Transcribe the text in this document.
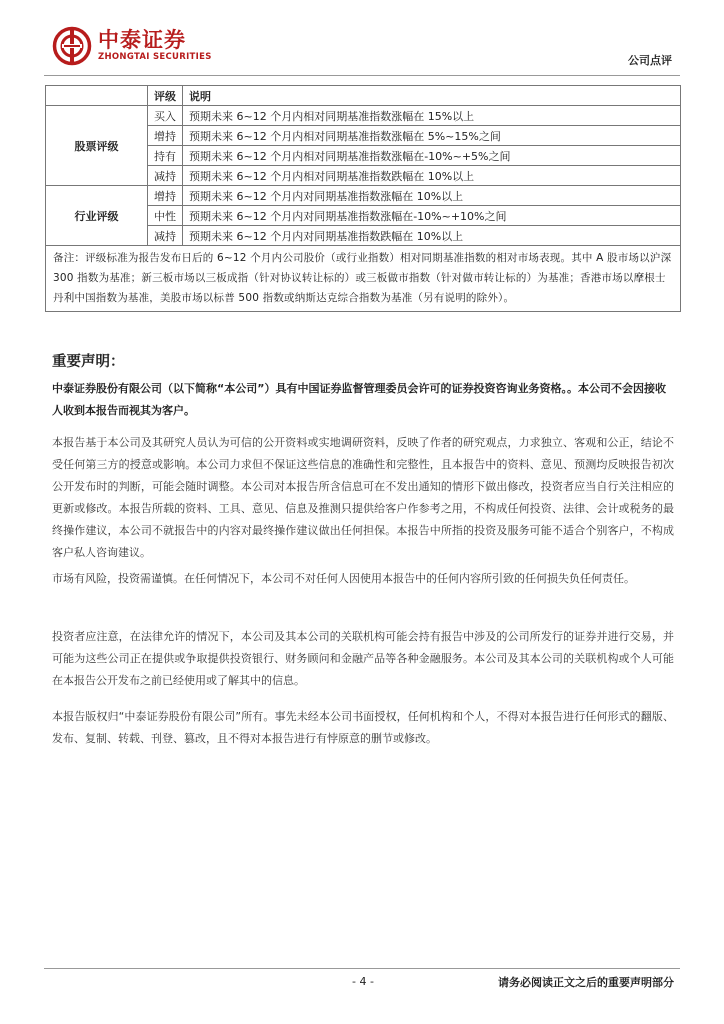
中泰证券
ZHONGTAI SECURITIES	公司点评
	评级	说明
股票评级	买入	预期未来 6~12 个月内相对同期基准指数涨幅在 15%以上
	增持	预期未来 6~12 个月内相对同期基准指数涨幅在 5%~15%之间
	持有	预期未来 6~12 个月内相对同期基准指数涨幅在-10%~+5%之间
	减持	预期未来 6~12 个月内相对同期基准指数跌幅在 10%以上
行业评级	增持	预期未来 6~12 个月内对同期基准指数涨幅在 10%以上
	中性	预期未来 6~12 个月内对同期基准指数涨幅在-10%~+10%之间
	减持	预期未来 6~12 个月内对同期基准指数跌幅在 10%以上
备注：评级标准为报告发布日后的 6~12 个月内公司股价（或行业指数）相对同期基准指数的相对市场表现。其中 A 股市场以沪深 300 指数为基准；新三板市场以三板成指（针对协议转让标的）或三板做市指数（针对做市转让标的）为基准；香港市场以摩根士丹利中国指数为基准，美股市场以标普 500 指数或纳斯达克综合指数为基准（另有说明的除外）。		
重要声明：
中泰证券股份有限公司（以下简称“本公司”）具有中国证券监督管理委员会许可的证券投资咨询业务资格。。本公司不会因接收人收到本报告而视其为客户。
本报告基于本公司及其研究人员认为可信的公开资料或实地调研资料，反映了作者的研究观点，力求独立、客观和公正，结论不受任何第三方的授意或影响。本公司力求但不保证这些信息的准确性和完整性，且本报告中的资料、意见、预测均反映报告初次公开发布时的判断，可能会随时调整。本公司对本报告所含信息可在不发出通知的情形下做出修改，投资者应当自行关注相应的更新或修改。本报告所载的资料、工具、意见、信息及推测只提供给客户作参考之用，不构成任何投资、法律、会计或税务的最终操作建议，本公司不就报告中的内容对最终操作建议做出任何担保。本报告中所指的投资及服务可能不适合个别客户，不构成客户私人咨询建议。
市场有风险，投资需谨慎。在任何情况下，本公司不对任何人因使用本报告中的任何内容所引致的任何损失负任何责任。
投资者应注意，在法律允许的情况下，本公司及其本公司的关联机构可能会持有报告中涉及的公司所发行的证券并进行交易，并可能为这些公司正在提供或争取提供投资银行、财务顾问和金融产品等各种金融服务。本公司及其本公司的关联机构或个人可能在本报告公开发布之前已经使用或了解其中的信息。
本报告版权归“中泰证券股份有限公司”所有。事先未经本公司书面授权，任何机构和个人，不得对本报告进行任何形式的翻版、发布、复制、转载、刊登、篡改，且不得对本报告进行有悖原意的删节或修改。
- 4 -	请务必阅读正文之后的重要声明部分
